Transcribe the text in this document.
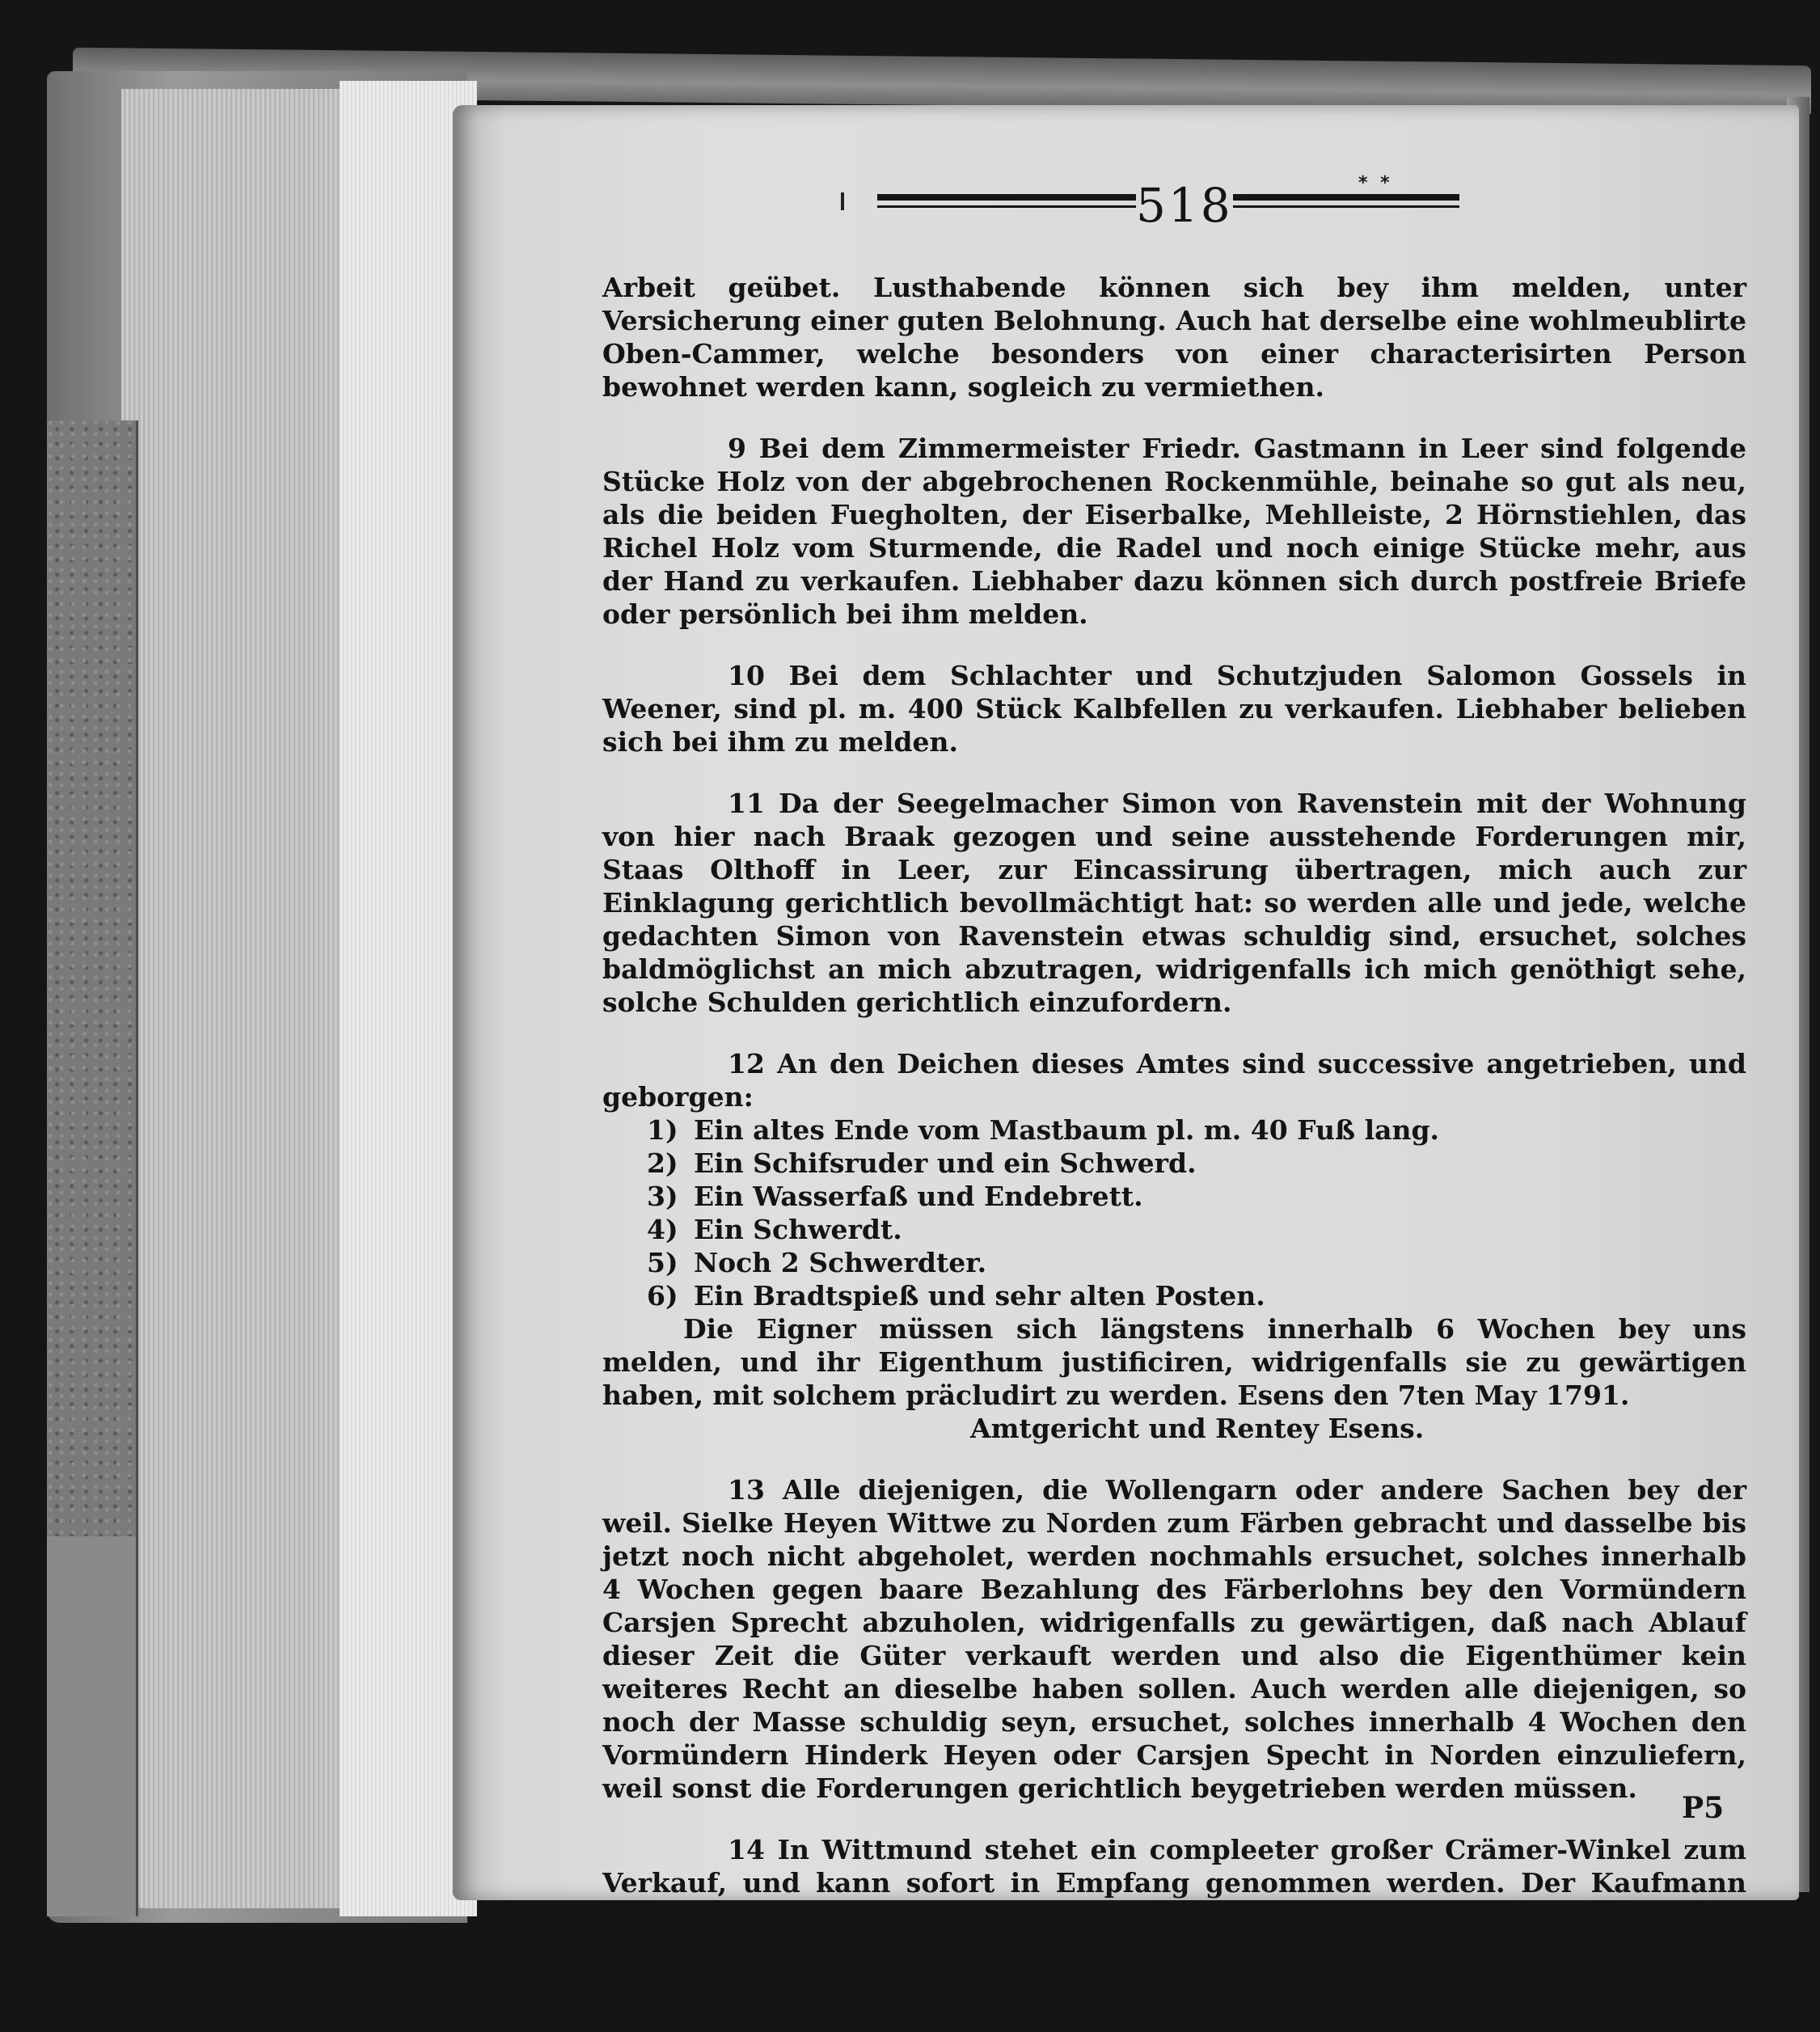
518	* *

Arbeit geübet. Lusthabende können sich bey ihm melden, unter Versicherung einer guten Belohnung. Auch hat derselbe eine wohlmeublirte Oben-Cammer, welche besonders von einer characterisirten Person bewohnet werden kann, sogleich zu vermiethen.

9 Bei dem Zimmermeister Friedr. Gastmann in Leer sind folgende Stücke Holz von der abgebrochenen Rockenmühle, beinahe so gut als neu, als die beiden Fuegholten, der Eiserbalke, Mehlleiste, 2 Hörnstiehlen, das Richel Holz vom Sturmende, die Radel und noch einige Stücke mehr, aus der Hand zu verkaufen. Liebhaber dazu können sich durch postfreie Briefe oder persönlich bei ihm melden.

10 Bei dem Schlachter und Schutzjuden Salomon Gossels in Weener, sind pl. m. 400 Stück Kalbfellen zu verkaufen. Liebhaber belieben sich bei ihm zu melden.

11 Da der Seegelmacher Simon von Ravenstein mit der Wohnung von hier nach Braak gezogen und seine ausstehende Forderungen mir, Staas Olthoff in Leer, zur Eincassirung übertragen, mich auch zur Einklagung gerichtlich bevollmächtigt hat: so werden alle und jede, welche gedachten Simon von Ravenstein etwas schuldig sind, ersuchet, solches baldmöglichst an mich abzutragen, widrigenfalls ich mich genöthigt sehe, solche Schulden gerichtlich einzufordern.

12 An den Deichen dieses Amtes sind successive angetrieben, und geborgen:

1) Ein altes Ende vom Mastbaum pl. m. 40 Fuß lang.
2) Ein Schifsruder und ein Schwerd.
3) Ein Wasserfaß und Endebrett.
4) Ein Schwerdt.
5) Noch 2 Schwerdter.
6) Ein Bradtspieß und sehr alten Posten.

Die Eigner müssen sich längstens innerhalb 6 Wochen bey uns melden, und ihr Eigenthum justificiren, widrigenfalls sie zu gewärtigen haben, mit solchem präcludirt zu werden. Esens den 7ten May 1791.

Amtgericht und Rentey Esens.

13 Alle diejenigen, die Wollengarn oder andere Sachen bey der weil. Sielke Heyen Wittwe zu Norden zum Färben gebracht und dasselbe bis jetzt noch nicht abgeholet, werden nochmahls ersuchet, solches innerhalb 4 Wochen gegen baare Bezahlung des Färberlohns bey den Vormündern Carsjen Sprecht abzuholen, widrigenfalls zu gewärtigen, daß nach Ablauf dieser Zeit die Güter verkauft werden und also die Eigenthümer kein weiteres Recht an dieselbe haben sollen. Auch werden alle diejenigen, so noch der Masse schuldig seyn, ersuchet, solches innerhalb 4 Wochen den Vormündern Hinderk Heyen oder Carsjen Specht in Norden einzuliefern, weil sonst die Forderungen gerichtlich beygetrieben werden müssen.

14 In Wittmund stehet ein compleeter großer Crämer-Winkel zum Verkauf, und kann sofort in Empfang genommen werden. Der Kaufmann Christian Rose daselbst contrahiret darüber.

P5
